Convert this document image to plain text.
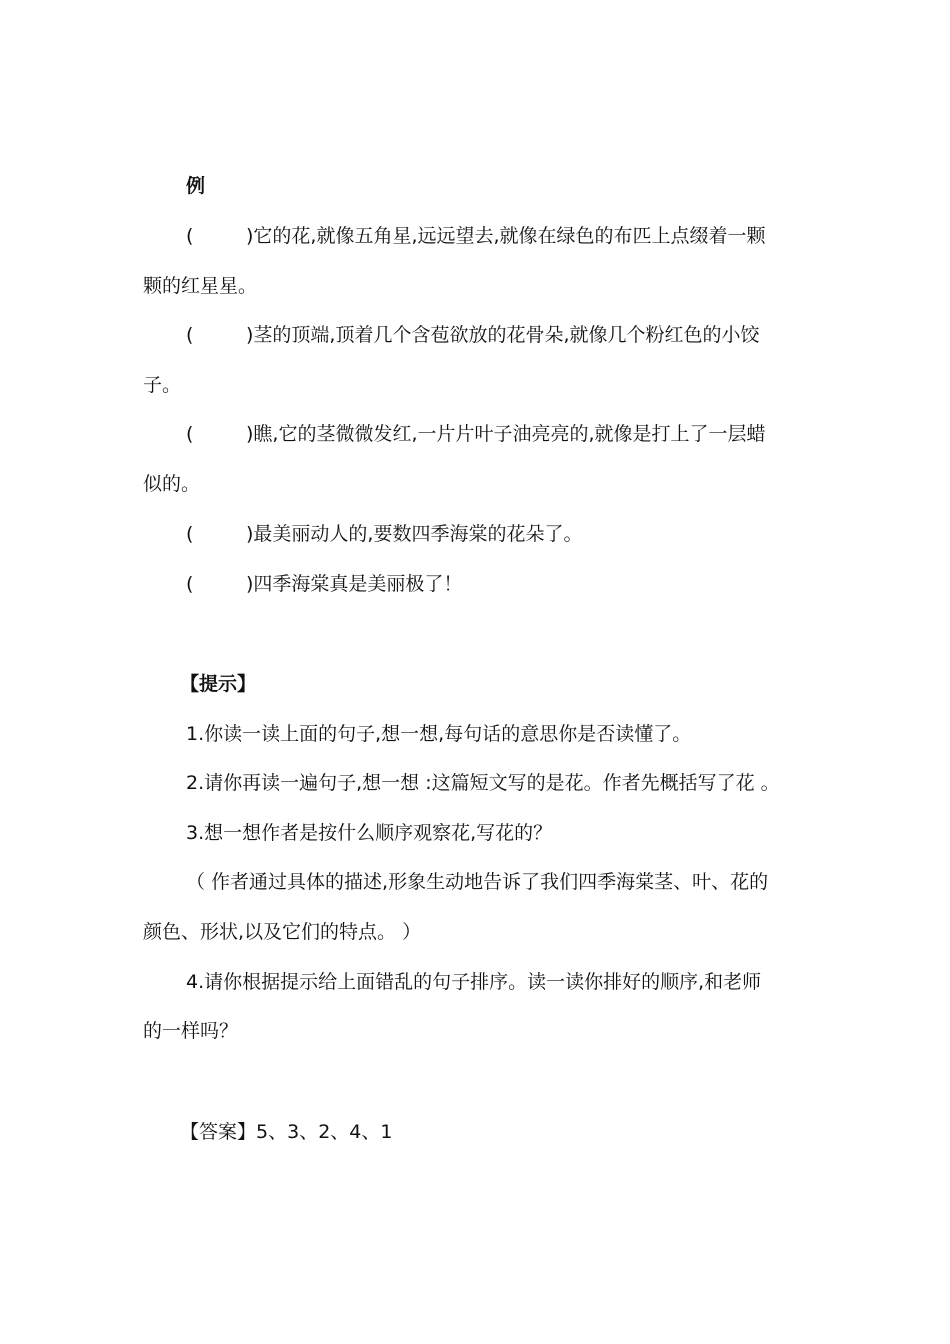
例
(	)它的花,就像五角星,远远望去,就像在绿色的布匹上点缀着一颗
颗的红星星。
(	)茎的顶端,顶着几个含苞欲放的花骨朵,就像几个粉红色的小饺
子。
(	)瞧,它的茎微微发红,一片片叶子油亮亮的,就像是打上了一层蜡
似的。
(	)最美丽动人的,要数四季海棠的花朵了。
(	)四季海棠真是美丽极了！
【提示】
1.你读一读上面的句子,想一想,每句话的意思你是否读懂了。
2.请你再读一遍句子,想一想 :这篇短文写的是花。作者先概括写了花 。
3.想一想作者是按什么顺序观察花,写花的？
（ 作者通过具体的描述,形象生动地告诉了我们四季海棠茎、叶、花的
颜色、形状,以及它们的特点。 ）
4.请你根据提示给上面错乱的句子排序。读一读你排好的顺序,和老师
的一样吗？
【答案】5、3、2、4、1
